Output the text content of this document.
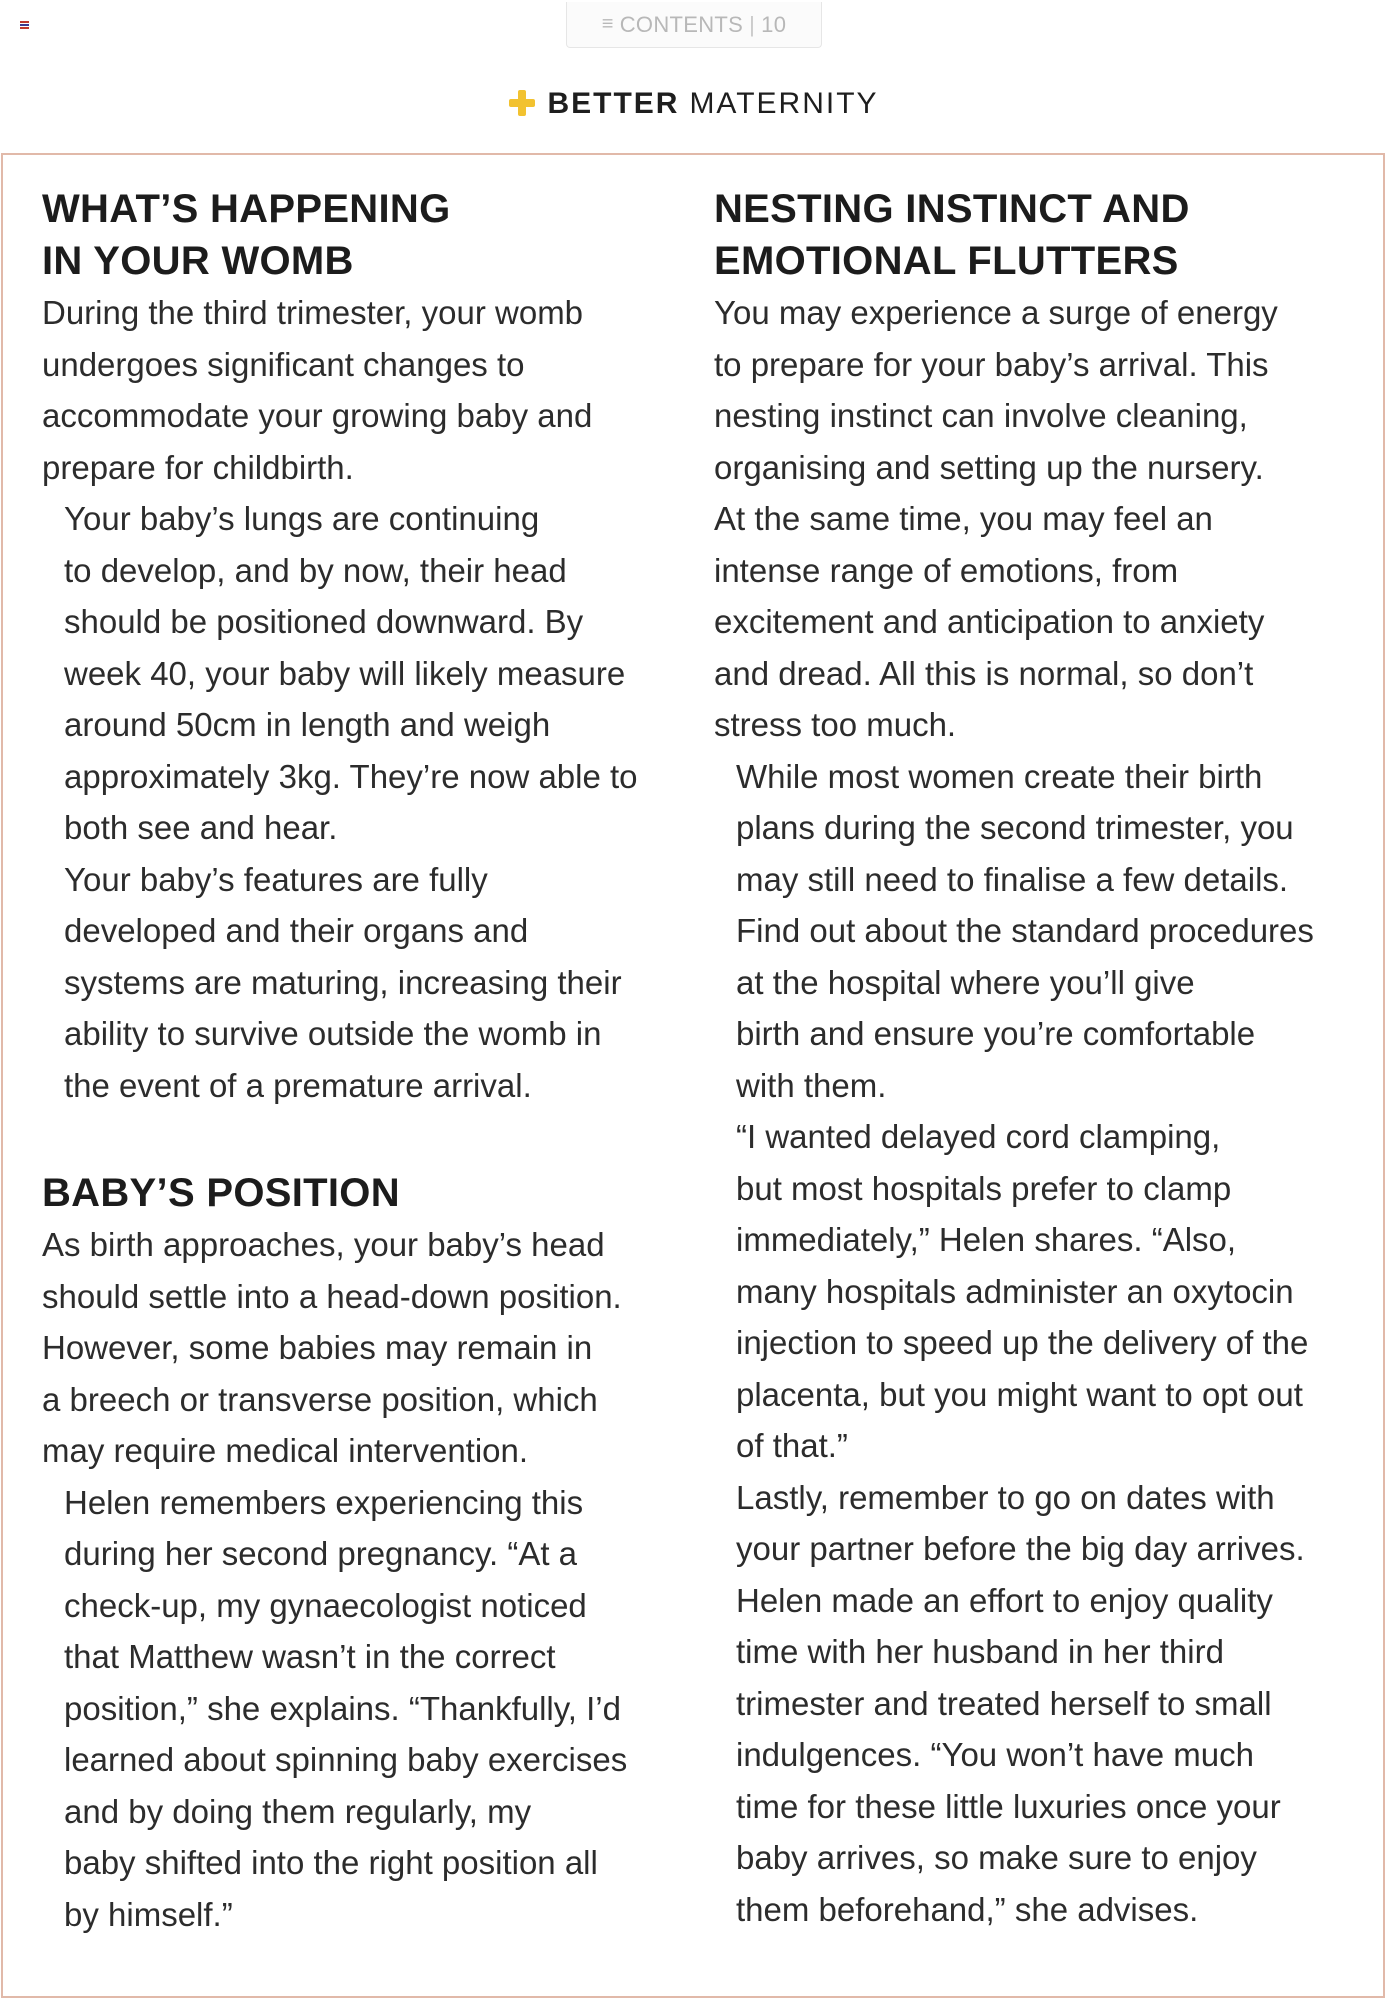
≡ CONTENTS | 10
BETTER MATERNITY
WHAT’S HAPPENING
IN YOUR WOMB

During the third trimester, your womb
undergoes significant changes to
accommodate your growing baby and
prepare for childbirth.

Your baby’s lungs are continuing
to develop, and by now, their head
should be positioned downward. By
week 40, your baby will likely measure
around 50cm in length and weigh
approximately 3kg. They’re now able to
both see and hear.

Your baby’s features are fully
developed and their organs and
systems are maturing, increasing their
ability to survive outside the womb in
the event of a premature arrival.

BABY’S POSITION

As birth approaches, your baby’s head
should settle into a head-down position.
However, some babies may remain in
a breech or transverse position, which
may require medical intervention.

Helen remembers experiencing this
during her second pregnancy. “At a
check-up, my gynaecologist noticed
that Matthew wasn’t in the correct
position,” she explains. “Thankfully, I’d
learned about spinning baby exercises
and by doing them regularly, my
baby shifted into the right position all
by himself.”

NESTING INSTINCT AND
EMOTIONAL FLUTTERS

You may experience a surge of energy
to prepare for your baby’s arrival. This
nesting instinct can involve cleaning,
organising and setting up the nursery.
At the same time, you may feel an
intense range of emotions, from
excitement and anticipation to anxiety
and dread. All this is normal, so don’t
stress too much.

While most women create their birth
plans during the second trimester, you
may still need to finalise a few details.
Find out about the standard procedures
at the hospital where you’ll give
birth and ensure you’re comfortable
with them.

“I wanted delayed cord clamping,
but most hospitals prefer to clamp
immediately,” Helen shares. “Also,
many hospitals administer an oxytocin
injection to speed up the delivery of the
placenta, but you might want to opt out
of that.”

Lastly, remember to go on dates with
your partner before the big day arrives.
Helen made an effort to enjoy quality
time with her husband in her third
trimester and treated herself to small
indulgences. “You won’t have much
time for these little luxuries once your
baby arrives, so make sure to enjoy
them beforehand,” she advises.
